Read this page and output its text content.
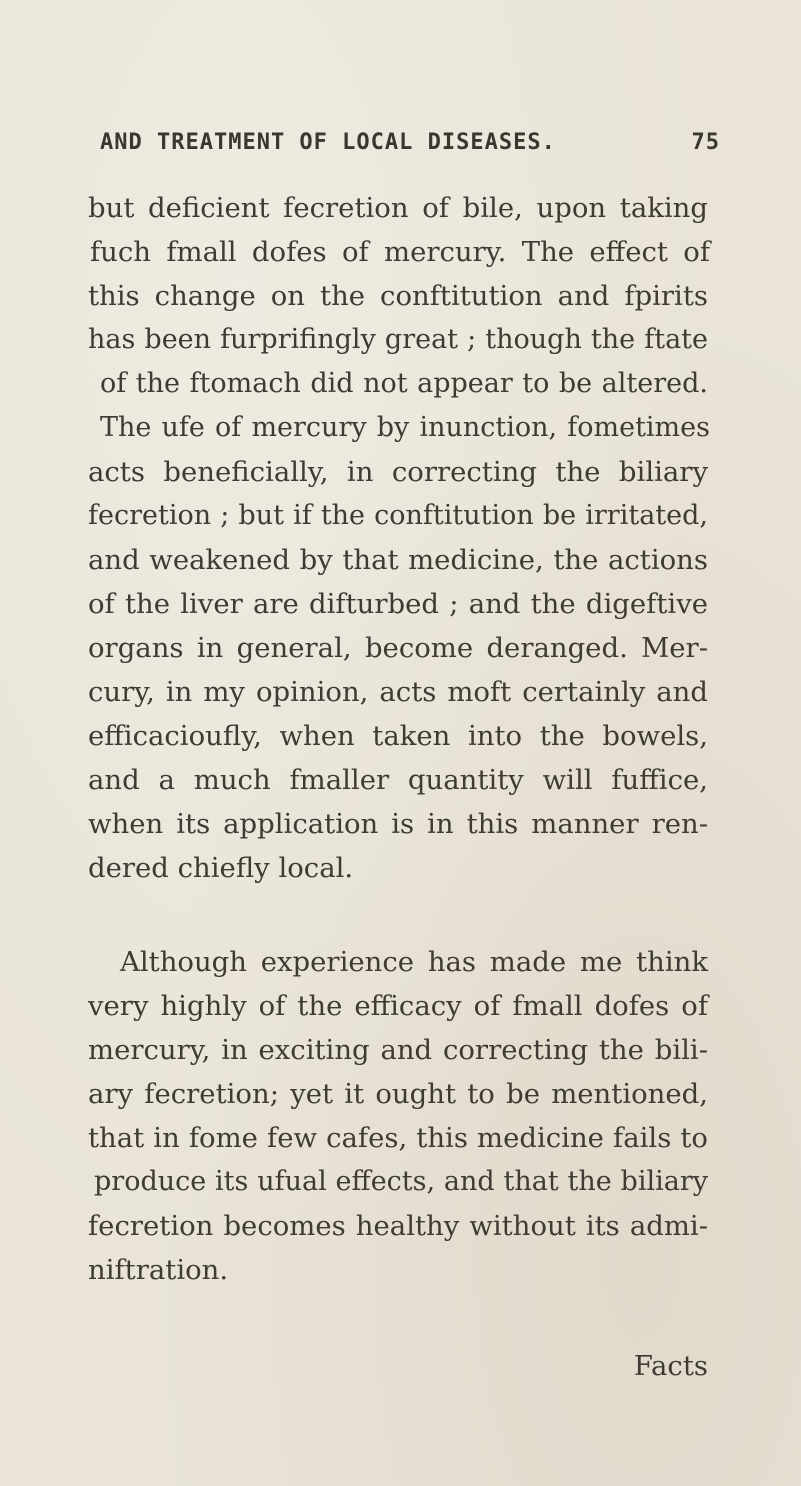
AND TREATMENT OF LOCAL DISEASES.	75
but deficient fecretion of bile, upon taking
fuch fmall dofes of mercury. The effect of
this change on the conftitution and fpirits
has been furprifingly great ; though the ftate
of the ftomach did not appear to be altered.
The ufe of mercury by inunction, fometimes
acts beneficially, in correcting the biliary
fecretion ; but if the conftitution be irritated,
and weakened by that medicine, the actions
of the liver are difturbed ; and the digeftive
organs in general, become deranged. Mer-
cury, in my opinion, acts moft certainly and
efficacioufly, when taken into the bowels,
and a much fmaller quantity will fuffice,
when its application is in this manner ren-
dered chiefly local.
Although experience has made me think
very highly of the efficacy of fmall dofes of
mercury, in exciting and correcting the bili-
ary fecretion; yet it ought to be mentioned,
that in fome few cafes, this medicine fails to
produce its ufual effects, and that the biliary
fecretion becomes healthy without its admi-
niftration.
Facts
